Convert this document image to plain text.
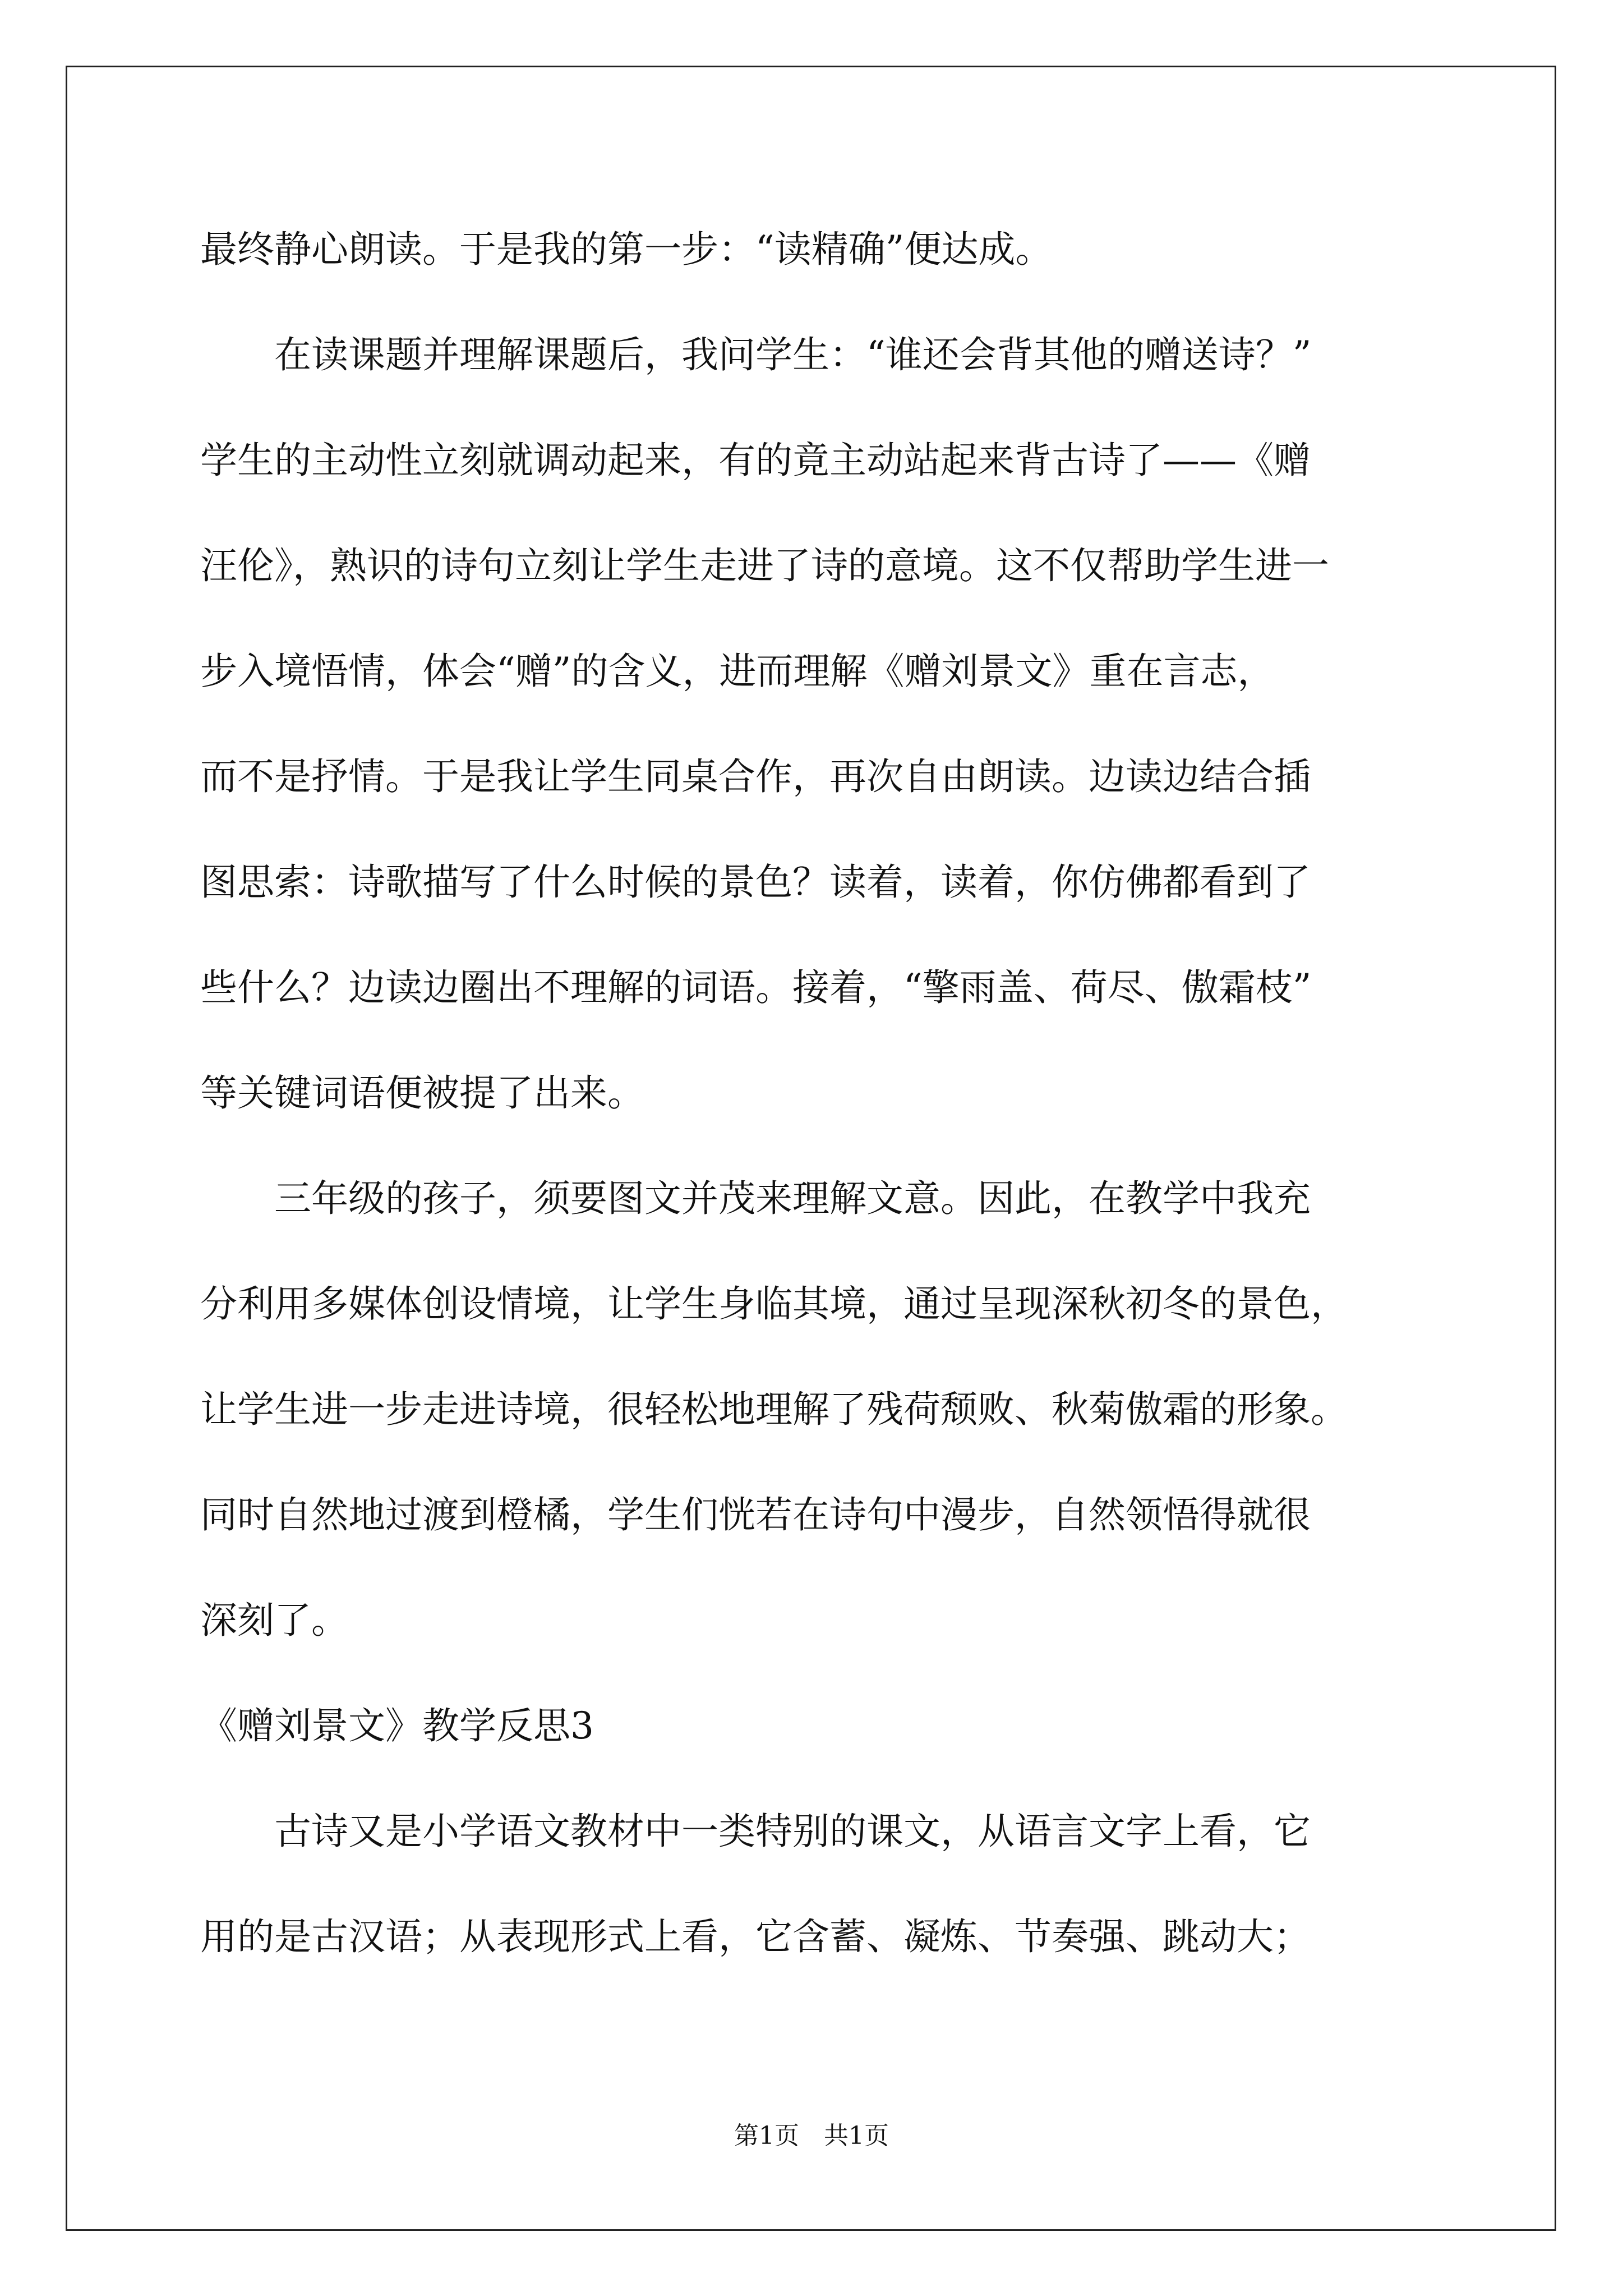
最终静心朗读。于是我的第一步：“读精确”便达成。
　　在读课题并理解课题后，我问学生：“谁还会背其他的赠送诗？”
学生的主动性立刻就调动起来，有的竟主动站起来背古诗了——《赠
汪伦》，熟识的诗句立刻让学生走进了诗的意境。这不仅帮助学生进一
步入境悟情，体会“赠”的含义，进而理解《赠刘景文》重在言志，
而不是抒情。于是我让学生同桌合作，再次自由朗读。边读边结合插
图思索：诗歌描写了什么时候的景色？读着，读着，你仿佛都看到了
些什么？边读边圈出不理解的词语。接着，“擎雨盖、荷尽、傲霜枝”
等关键词语便被提了出来。
　　三年级的孩子，须要图文并茂来理解文意。因此，在教学中我充
分利用多媒体创设情境，让学生身临其境，通过呈现深秋初冬的景色，
让学生进一步走进诗境，很轻松地理解了残荷颓败、秋菊傲霜的形象。
同时自然地过渡到橙橘，学生们恍若在诗句中漫步，自然领悟得就很
深刻了。
《赠刘景文》教学反思3
　　古诗又是小学语文教材中一类特别的课文，从语言文字上看，它
用的是古汉语；从表现形式上看，它含蓄、凝炼、节奏强、跳动大；
第1页　共1页
